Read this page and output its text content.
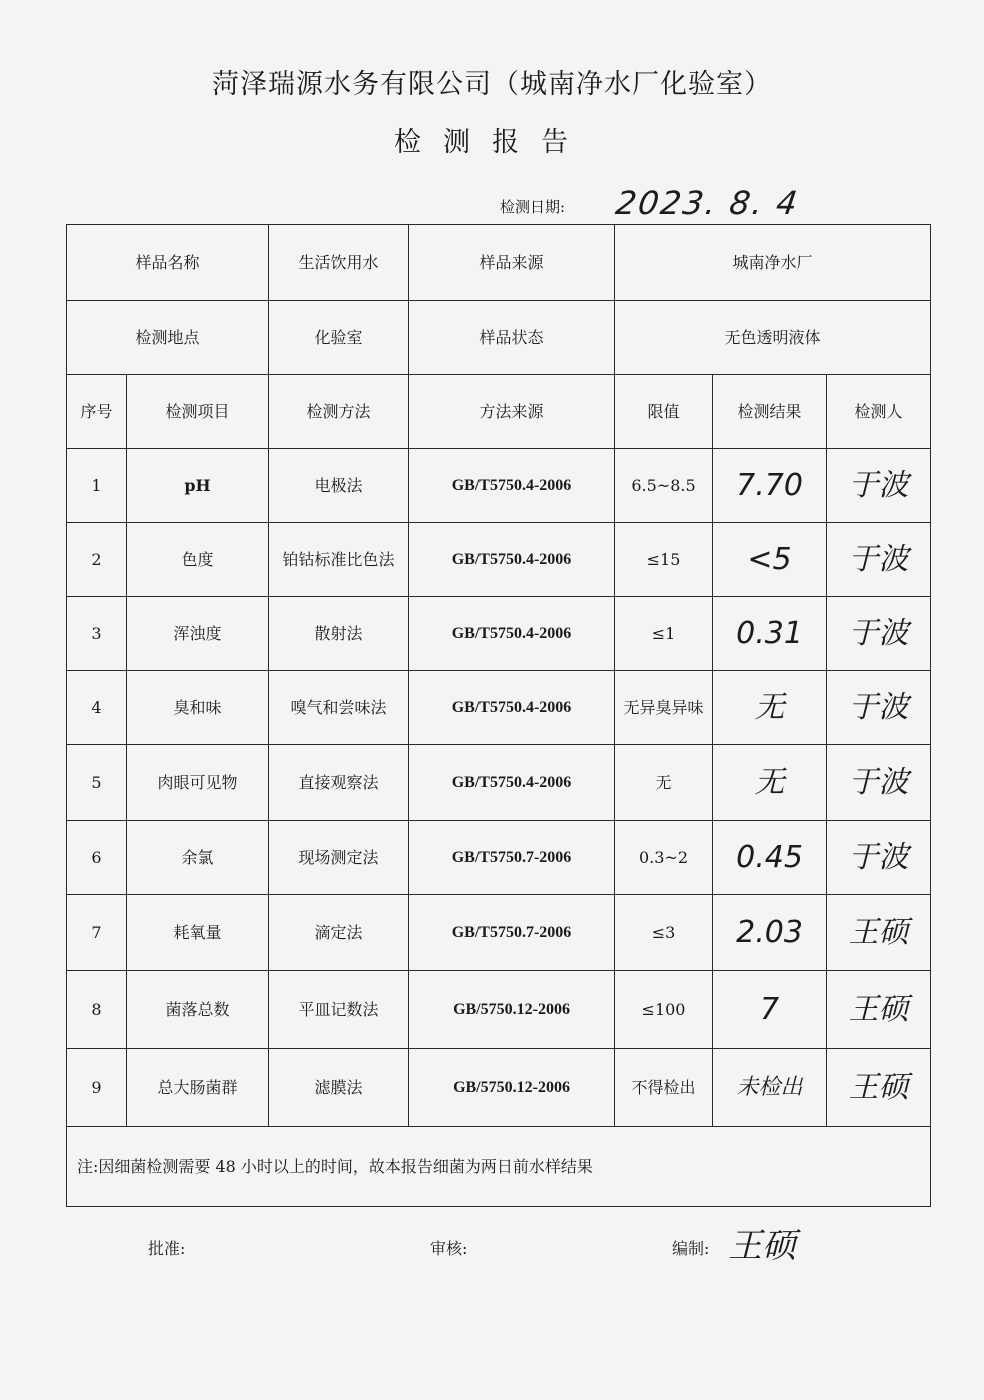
菏泽瑞源水务有限公司（城南净水厂化验室）
检测报告
检测日期: 2023. 8. 4
样品名称		生活饮用水	样品来源	城南净水厂		
检测地点		化验室	样品状态	无色透明液体		
序号	检测项目	检测方法	方法来源	限值	检测结果	检测人
1	pH	电极法	GB/T5750.4-2006	6.5~8.5	7.70	于波
2	色度	铂钴标准比色法	GB/T5750.4-2006	≤15	<5	于波
3	浑浊度	散射法	GB/T5750.4-2006	≤1	0.31	于波
4	臭和味	嗅气和尝味法	GB/T5750.4-2006	无异臭异味	无	于波
5	肉眼可见物	直接观察法	GB/T5750.4-2006	无	无	于波
6	余氯	现场测定法	GB/T5750.7-2006	0.3~2	0.45	于波
7	耗氧量	滴定法	GB/T5750.7-2006	≤3	2.03	王硕
8	菌落总数	平皿记数法	GB/5750.12-2006	≤100	7	王硕
9	总大肠菌群	滤膜法	GB/5750.12-2006	不得检出	未检出	王硕
注:因细菌检测需要 48 小时以上的时间，故本报告细菌为两日前水样结果						
批准:	审核:	编制: 王硕
